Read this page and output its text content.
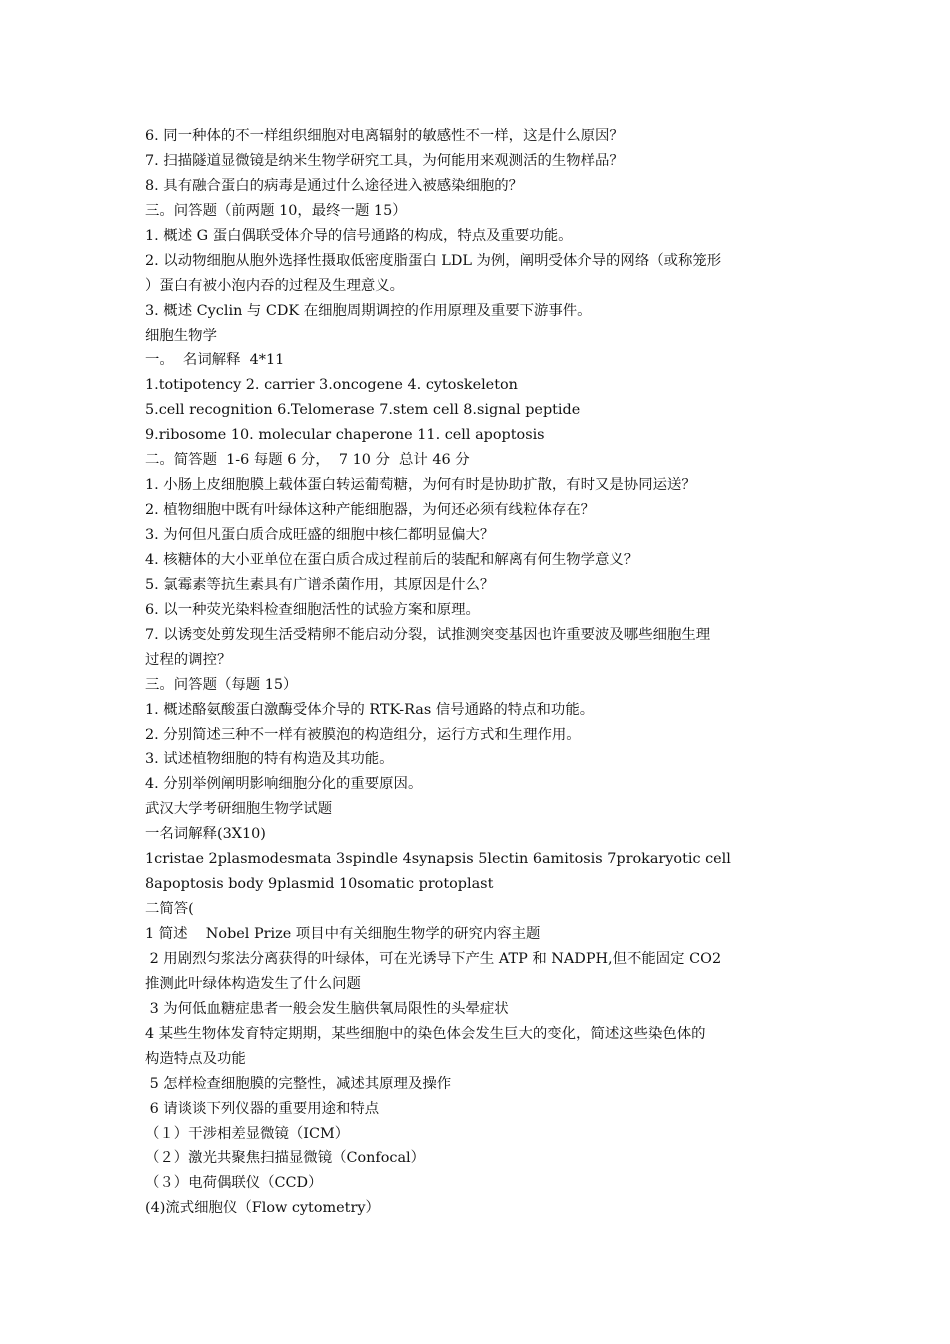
6. 同一种体的不一样组织细胞对电离辐射的敏感性不一样，这是什么原因？
7. 扫描隧道显微镜是纳米生物学研究工具，为何能用来观测活的生物样品？
8. 具有融合蛋白的病毒是通过什么途径进入被感染细胞的？
三。问答题（前两题 10，最终一题 15）
1. 概述 G 蛋白偶联受体介导的信号通路的构成，特点及重要功能。
2. 以动物细胞从胞外选择性摄取低密度脂蛋白 LDL 为例，阐明受体介导的网络（或称笼形
）蛋白有被小泡内吞的过程及生理意义。
3. 概述 Cyclin 与 CDK 在细胞周期调控的作用原理及重要下游事件。
细胞生物学
一。  名词解释  4*11
1.totipotency 2. carrier 3.oncogene 4. cytoskeleton
5.cell recognition 6.Telomerase 7.stem cell 8.signal peptide
9.ribosome 10. molecular chaperone 11. cell apoptosis
二。简答题  1-6 每题 6 分，  7 10 分  总计 46 分
1. 小肠上皮细胞膜上载体蛋白转运葡萄糖，为何有时是协助扩散，有时又是协同运送？
2. 植物细胞中既有叶绿体这种产能细胞器，为何还必须有线粒体存在？
3. 为何但凡蛋白质合成旺盛的细胞中核仁都明显偏大？
4. 核糖体的大小亚单位在蛋白质合成过程前后的装配和解离有何生物学意义？
5. 氯霉素等抗生素具有广谱杀菌作用，其原因是什么？
6. 以一种荧光染料检查细胞活性的试验方案和原理。
7. 以诱变处剪发现生活受精卵不能启动分裂，试推测突变基因也许重要波及哪些细胞生理
过程的调控？
三。问答题（每题 15）
1. 概述酪氨酸蛋白激酶受体介导的 RTK-Ras 信号通路的特点和功能。
2. 分别简述三种不一样有被膜泡的构造组分，运行方式和生理作用。
3. 试述植物细胞的特有构造及其功能。
4. 分别举例阐明影响细胞分化的重要原因。
武汉大学考研细胞生物学试题
一名词解释(3X10)
1cristae 2plasmodesmata 3spindle 4synapsis 5lectin 6amitosis 7prokaryotic cell
8apoptosis body 9plasmid 10somatic protoplast
二简答(
1 简述    Nobel Prize 项目中有关细胞生物学的研究内容主题
2 用剧烈匀浆法分离获得的叶绿体，可在光诱导下产生 ATP 和 NADPH,但不能固定 CO2
推测此叶绿体构造发生了什么问题
3 为何低血糖症患者一般会发生脑供氧局限性的头晕症状
4 某些生物体发育特定期期，某些细胞中的染色体会发生巨大的变化，简述这些染色体的
构造特点及功能
5 怎样检查细胞膜的完整性，减述其原理及操作
6 请谈谈下列仪器的重要用途和特点
（１）干涉相差显微镜（ICM）
（２）激光共聚焦扫描显微镜（Confocal）
（３）电荷偶联仪（CCD）
(4)流式细胞仪（Flow cytometry）
